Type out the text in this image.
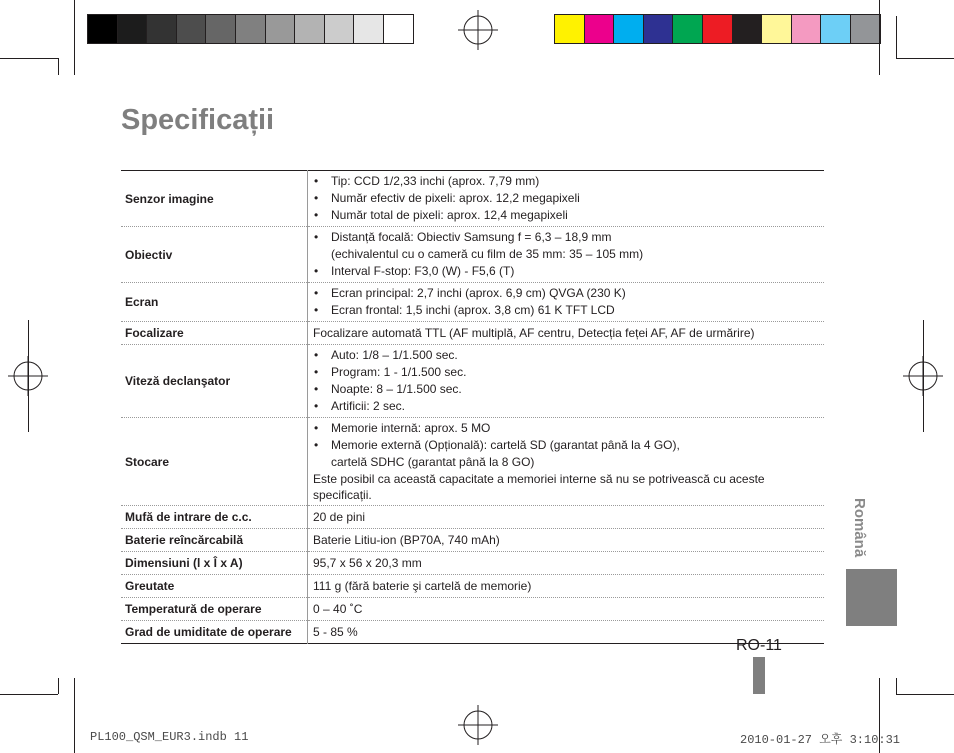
Specificații
Senzor imagine	• Tip: CCD 1/2,33 inchi (aprox. 7,79 mm)
• Număr efectiv de pixeli: aprox. 12,2 megapixeli
• Număr total de pixeli: aprox. 12,4 megapixeli

Obiectiv	• Distanță focală: Obiectiv Samsung f = 6,3 – 18,9 mm
(echivalentul cu o cameră cu film de 35 mm: 35 – 105 mm)
• Interval F-stop: F3,0 (W) - F5,6 (T)

Ecran	• Ecran principal: 2,7 inchi (aprox. 6,9 cm) QVGA (230 K)
• Ecran frontal: 1,5 inchi (aprox. 3,8 cm) 61 K TFT LCD

Focalizare	Focalizare automată TTL (AF multiplă, AF centru, Detecția feței AF, AF de urmărire)
Viteză declanşator	• Auto: 1/8 – 1/1.500 sec.
• Program: 1 - 1/1.500 sec.
• Noapte: 8 – 1/1.500 sec.
• Artificii: 2 sec.

Stocare	• Memorie internă: aprox. 5 MO
• Memorie externă (Opțională): cartelă SD (garantat până la 4 GO),
cartelă SDHC (garantat până la 8 GO)
Este posibil ca această capacitate a memoriei interne să nu se potrivească cu aceste specificații.

Mufă de intrare de c.c.	20 de pini
Baterie reîncărcabilă	Baterie Litiu-ion (BP70A, 740 mAh)
Dimensiuni (l x Î x A)	95,7 x 56 x 20,3 mm
Greutate	111 g (fără baterie şi cartelă de memorie)
Temperatură de operare	0 – 40 ˚C
Grad de umiditate de operare	5 - 85 %
Română
RO-11
PL100_QSM_EUR3.indb 11	2010-01-27 오후 3:10:31
